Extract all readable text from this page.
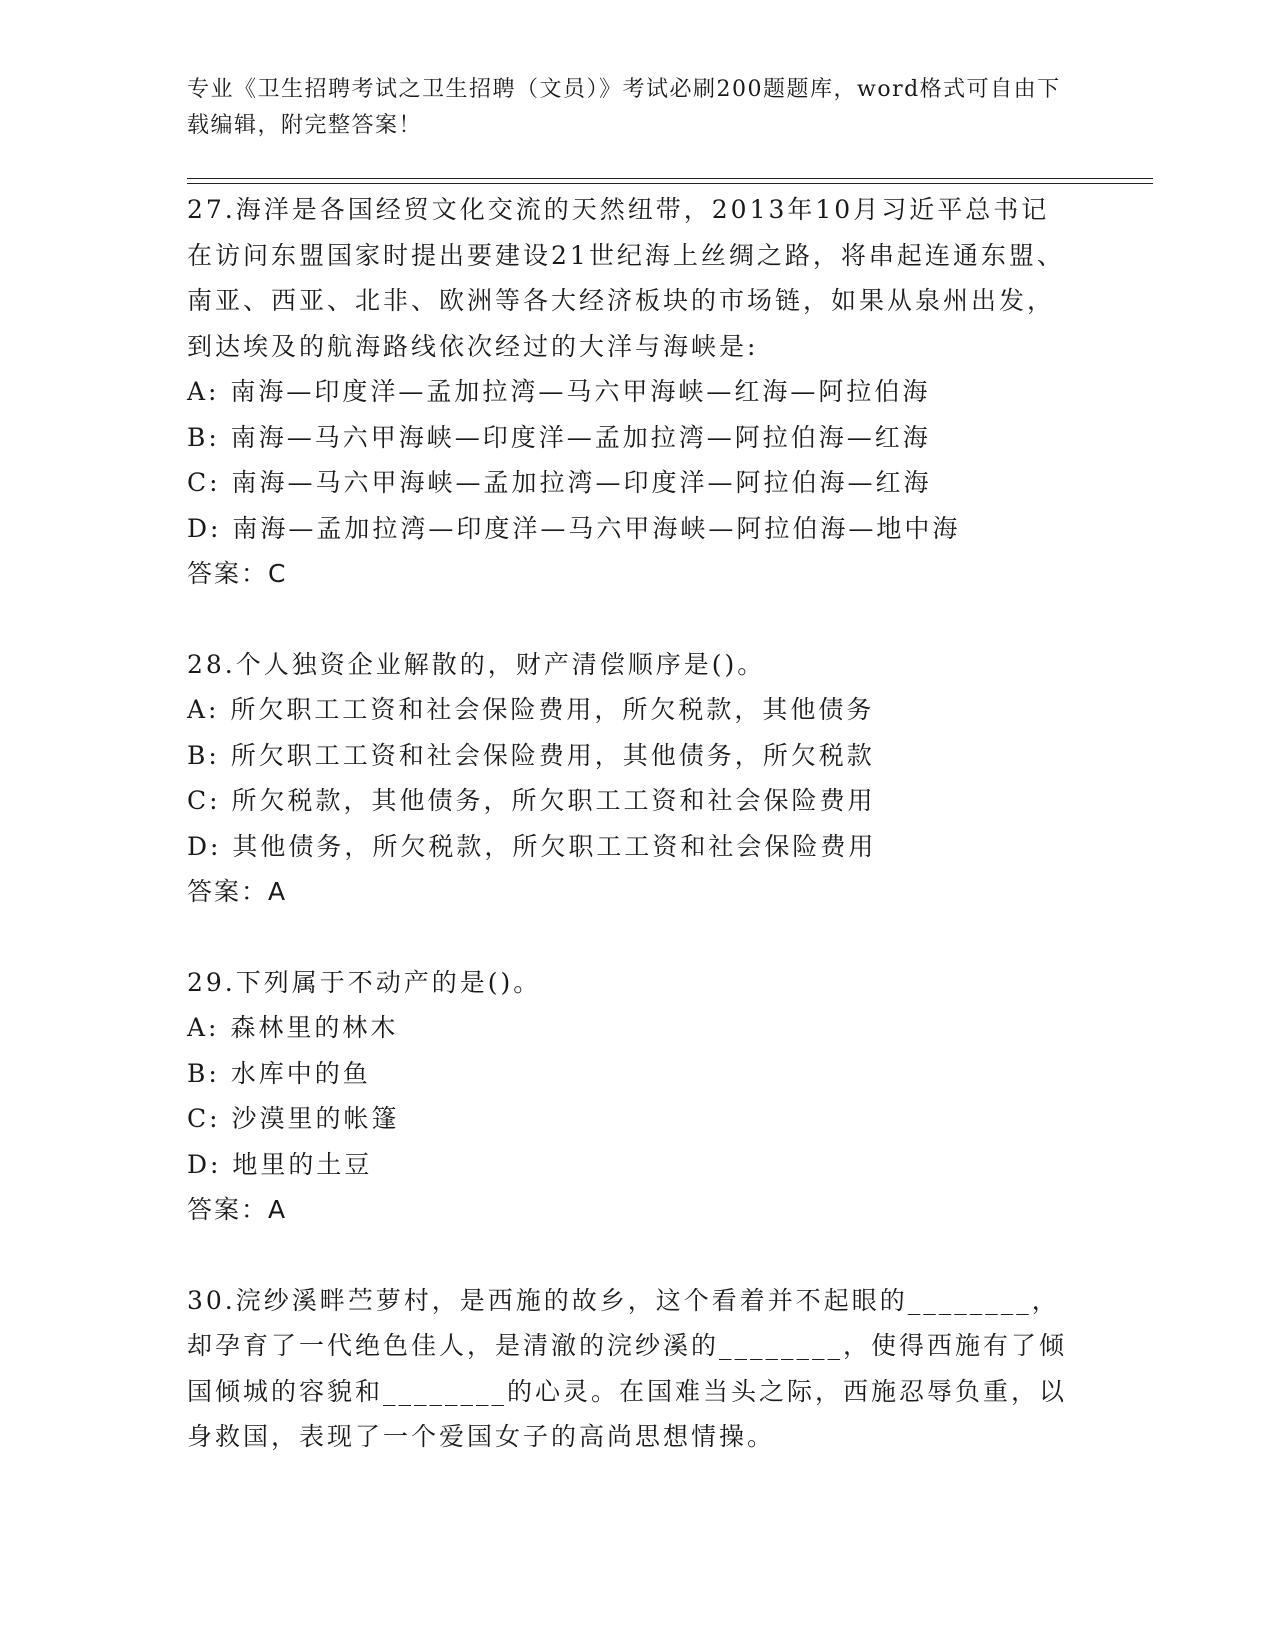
专业《卫生招聘考试之卫生招聘（文员）》考试必刷200题题库，word格式可自由下载编辑，附完整答案！
27.海洋是各国经贸文化交流的天然纽带，2013年10月习近平总书记在访问东盟国家时提出要建设21世纪海上丝绸之路，将串起连通东盟、南亚、西亚、北非、欧洲等各大经济板块的市场链，如果从泉州出发，到达埃及的航海路线依次经过的大洋与海峡是:
A: 南海—印度洋—孟加拉湾—马六甲海峡—红海—阿拉伯海
B: 南海—马六甲海峡—印度洋—孟加拉湾—阿拉伯海—红海
C: 南海—马六甲海峡—孟加拉湾—印度洋—阿拉伯海—红海
D: 南海—孟加拉湾—印度洋—马六甲海峡—阿拉伯海—地中海
答案：C
28.个人独资企业解散的，财产清偿顺序是()。
A: 所欠职工工资和社会保险费用，所欠税款，其他债务
B: 所欠职工工资和社会保险费用，其他债务，所欠税款
C: 所欠税款，其他债务，所欠职工工资和社会保险费用
D: 其他债务，所欠税款，所欠职工工资和社会保险费用
答案：A
29.下列属于不动产的是()。
A: 森林里的林木
B: 水库中的鱼
C: 沙漠里的帐篷
D: 地里的土豆
答案：A
30.浣纱溪畔苎萝村，是西施的故乡，这个看着并不起眼的________，却孕育了一代绝色佳人，是清澈的浣纱溪的________，使得西施有了倾国倾城的容貌和________的心灵。在国难当头之际，西施忍辱负重，以身救国，表现了一个爱国女子的高尚思想情操。
